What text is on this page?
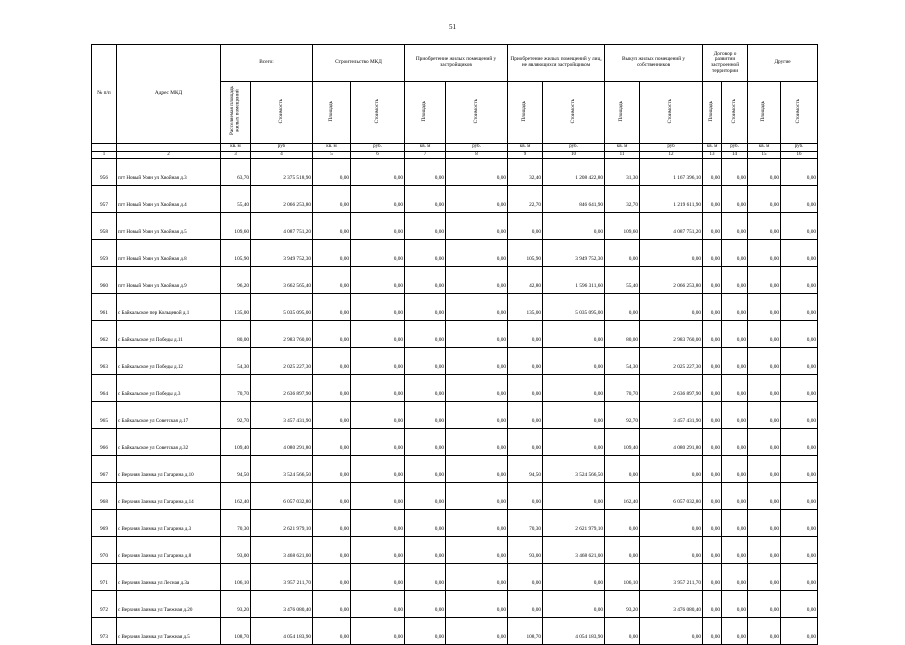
51
№ п/п	Адрес МКД	Всего:		Строительство МКД		Приобретение жилых помещений у застройщиков		Приобретение жилых помещений у лиц, не являющихся застройщиком		Выкуп жилых помещений у собственников		Договор о развитии застроенной территории		Другие	
		Расселяемая площадь жилых помещений	Стоимость	Площадь	Стоимость	Площадь	Стоимость	Площадь	Стоимость	Площадь	Стоимость	Площадь	Стоимость	Площадь	Стоимость
		кв. м	руб	кв. м	руб.	кв. м	руб.	кв. м	руб.	кв. м	руб	кв. м	руб.	кв. м	руб.
1	2	3	4	5	6	7	8	9	10	11	12	13	14	15	16
956	пгт Новый Уоян ул Хвойная д.3	63,70	2 375 518,90	0,00	0,00	0,00	0,00	32,40	1 208 422,80	31,30	1 167 396,10	0,00	0,00	0,00	0,00
957	пгт Новый Уоян ул Хвойная д.4	55,40	2 066 253,80	0,00	0,00	0,00	0,00	22,70	846 641,90	32,70	1 219 611,90	0,00	0,00	0,00	0,00
958	пгт Новый Уоян ул Хвойная д.5	109,60	4 087 751,20	0,00	0,00	0,00	0,00	0,00	0,00	109,60	4 087 751,20	0,00	0,00	0,00	0,00
959	пгт Новый Уоян ул Хвойная д.8	105,90	3 949 752,30	0,00	0,00	0,00	0,00	105,90	3 949 752,30	0,00	0,00	0,00	0,00	0,00	0,00
960	пгт Новый Уоян ул Хвойная д.9	96,20	3 662 565,40	0,00	0,00	0,00	0,00	42,80	1 596 311,60	55,40	2 066 253,80	0,00	0,00	0,00	0,00
961	с Байкальское пер Кольцевой д.1	135,00	5 035 095,00	0,00	0,00	0,00	0,00	135,00	5 035 095,00	0,00	0,00	0,00	0,00	0,00	0,00
962	с Байкальское ул Победы д.11	80,00	2 983 760,00	0,00	0,00	0,00	0,00	0,00	0,00	80,00	2 983 760,00	0,00	0,00	0,00	0,00
963	с Байкальское ул Победы д.12	54,30	2 025 227,30	0,00	0,00	0,00	0,00	0,00	0,00	54,30	2 025 227,30	0,00	0,00	0,00	0,00
964	с Байкальское ул Победы д.3	70,70	2 636 897,90	0,00	0,00	0,00	0,00	0,00	0,00	70,70	2 636 897,90	0,00	0,00	0,00	0,00
965	с Байкальское ул Советская д.17	92,70	3 457 431,90	0,00	0,00	0,00	0,00	0,00	0,00	92,70	3 457 431,90	0,00	0,00	0,00	0,00
966	с Байкальское ул Советская д.32	109,40	4 080 291,80	0,00	0,00	0,00	0,00	0,00	0,00	109,40	4 080 291,80	0,00	0,00	0,00	0,00
967	с Верхняя Заимка ул Гагарина д.10	94,50	3 524 566,50	0,00	0,00	0,00	0,00	94,50	3 524 566,50	0,00	0,00	0,00	0,00	0,00	0,00
968	с Верхняя Заимка ул Гагарина д.14	162,40	6 057 032,80	0,00	0,00	0,00	0,00	0,00	0,00	162,40	6 057 032,80	0,00	0,00	0,00	0,00
969	с Верхняя Заимка ул Гагарина д.3	70,30	2 621 979,10	0,00	0,00	0,00	0,00	70,30	2 621 979,10	0,00	0,00	0,00	0,00	0,00	0,00
970	с Верхняя Заимка ул Гагарина д.8	93,00	3 468 621,00	0,00	0,00	0,00	0,00	93,00	3 468 621,00	0,00	0,00	0,00	0,00	0,00	0,00
971	с Верхняя Заимка ул Лесная д.3а	106,10	3 957 211,70	0,00	0,00	0,00	0,00	0,00	0,00	106,10	3 957 211,70	0,00	0,00	0,00	0,00
972	с Верхняя Заимка ул Таежная д.20	93,20	3 476 080,40	0,00	0,00	0,00	0,00	0,00	0,00	93,20	3 476 080,40	0,00	0,00	0,00	0,00
973	с Верхняя Заимка ул Таежная д.5	108,70	4 054 183,90	0,00	0,00	0,00	0,00	108,70	4 054 183,90	0,00	0,00	0,00	0,00	0,00	0,00
